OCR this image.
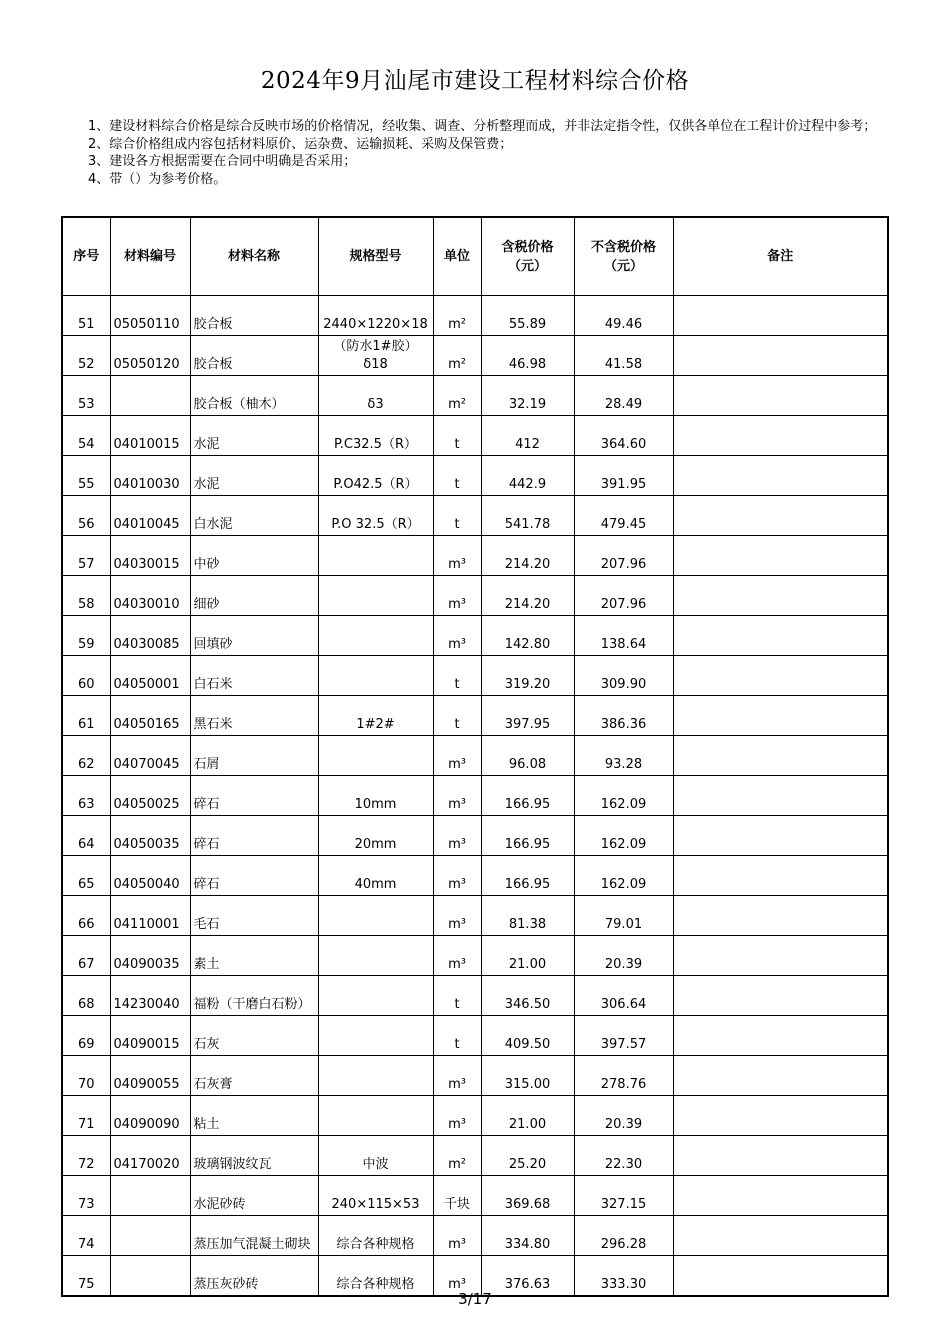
2024年9月汕尾市建设工程材料综合价格
1、建设材料综合价格是综合反映市场的价格情况，经收集、调查、分析整理而成，并非法定指令性，仅供各单位在工程计价过程中参考；
2、综合价格组成内容包括材料原价、运杂费、运输损耗、采购及保管费；
3、建设各方根据需要在合同中明确是否采用；
4、带（）为参考价格。
序号	材料编号	材料名称	规格型号	单位	含税价格（元）	不含税价格（元）	备注
51	05050110	胶合板	2440×1220×18	m²	55.89	49.46	
52	05050120	胶合板	（防水1#胶）δ18	m²	46.98	41.58	
53		胶合板（柚木）	δ3	m²	32.19	28.49	
54	04010015	水泥	P.C32.5（R）	t	412	364.60	
55	04010030	水泥	P.O42.5（R）	t	442.9	391.95	
56	04010045	白水泥	P.O 32.5（R）	t	541.78	479.45	
57	04030015	中砂		m³	214.20	207.96	
58	04030010	细砂		m³	214.20	207.96	
59	04030085	回填砂		m³	142.80	138.64	
60	04050001	白石米		t	319.20	309.90	
61	04050165	黑石米	1#2#	t	397.95	386.36	
62	04070045	石屑		m³	96.08	93.28	
63	04050025	碎石	10mm	m³	166.95	162.09	
64	04050035	碎石	20mm	m³	166.95	162.09	
65	04050040	碎石	40mm	m³	166.95	162.09	
66	04110001	毛石		m³	81.38	79.01	
67	04090035	素土		m³	21.00	20.39	
68	14230040	福粉（干磨白石粉）		t	346.50	306.64	
69	04090015	石灰		t	409.50	397.57	
70	04090055	石灰膏		m³	315.00	278.76	
71	04090090	粘土		m³	21.00	20.39	
72	04170020	玻璃钢波纹瓦	中波	m²	25.20	22.30	
73		水泥砂砖	240×115×53	千块	369.68	327.15	
74		蒸压加气混凝土砌块	综合各种规格	m³	334.80	296.28	
75		蒸压灰砂砖	综合各种规格	m³	376.63	333.30	
3/17
